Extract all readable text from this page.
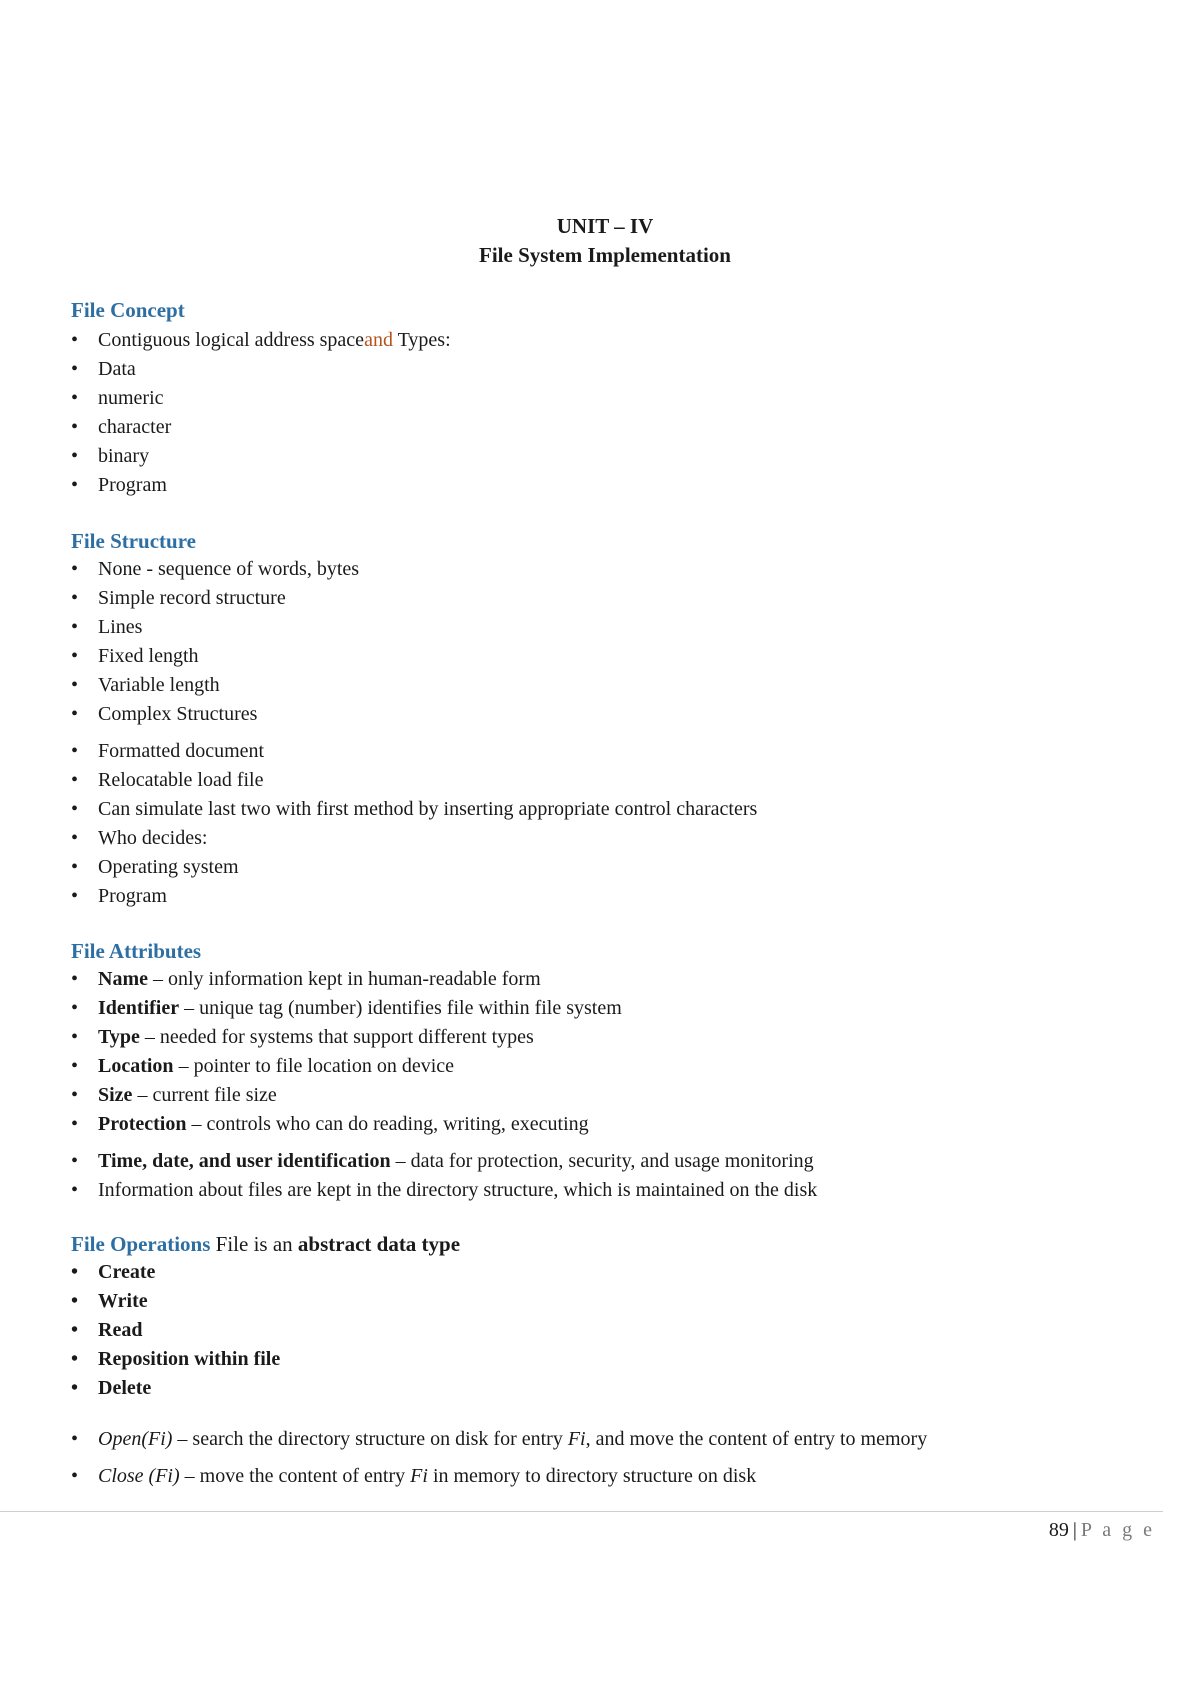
UNIT – IV
File System Implementation
File Concept
• Contiguous logical address spaceand Types:
• Data
• numeric
• character
• binary
• Program
File Structure
• None - sequence of words, bytes
• Simple record structure
• Lines
• Fixed length
• Variable length
• Complex Structures
• Formatted document
• Relocatable load file
• Can simulate last two with first method by inserting appropriate control characters
• Who decides:
• Operating system
• Program
File Attributes
• Name – only information kept in human-readable form
• Identifier – unique tag (number) identifies file within file system
• Type – needed for systems that support different types
• Location – pointer to file location on device
• Size – current file size
• Protection – controls who can do reading, writing, executing
• Time, date, and user identification – data for protection, security, and usage monitoring
• Information about files are kept in the directory structure, which is maintained on the disk
File Operations File is an abstract data type
• Create
• Write
• Read
• Reposition within file
• Delete
• Open(Fi) – search the directory structure on disk for entry Fi, and move the content of entry to memory
• Close (Fi) – move the content of entry Fi in memory to directory structure on disk
89 | P a g e
